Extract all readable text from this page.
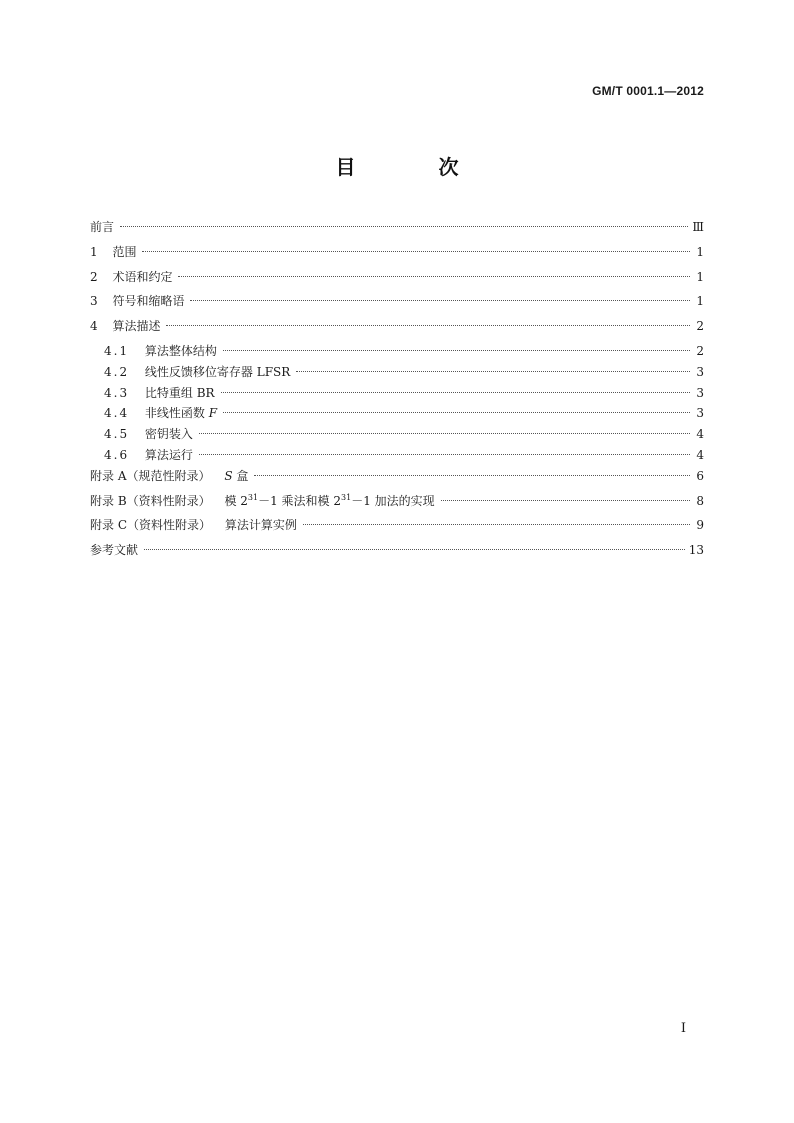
GM/T 0001.1—2012
目 次
前言	Ⅲ
1 范围	1
2 术语和约定	1
3 符号和缩略语	1
4 算法描述	2
4.1 算法整体结构	2
4.2 线性反馈移位寄存器 LFSR	3
4.3 比特重组 BR	3
4.4 非线性函数 F	3
4.5 密钥装入	4
4.6 算法运行	4
附录 A（规范性附录） S 盒	6
附录 B（资料性附录） 模 $2^{31}-1$ 乘法和模 $2^{31}-1$ 加法的实现	8
附录 C（资料性附录） 算法计算实例	9
参考文献	13
I
